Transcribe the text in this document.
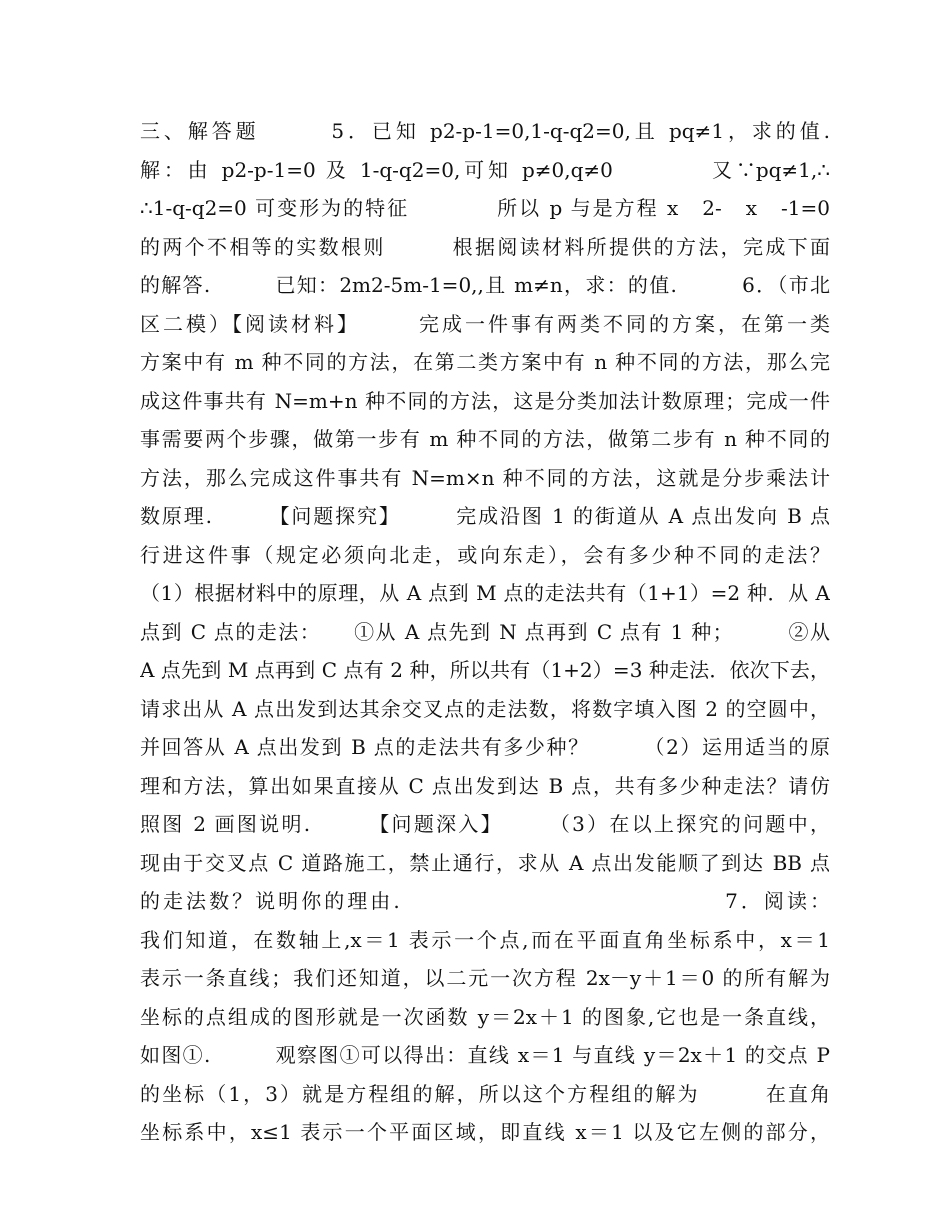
三、解答题　　　5．已知 p2-p-1=0,1-q-q2=0,且 pq≠1，求的值.
解：由 p2-p-1=0 及 1-q-q2=0,可知 p≠0,q≠0　　　　又∵pq≠1,∴
∴1-q-q2=0 可变形为的特征　　　　所以 p 与是方程 x　2-　x　-1=0
的两个不相等的实数根则　　　根据阅读材料所提供的方法，完成下面
的解答.　　　已知：2m2-5m-1=0,,且 m≠n，求：的值.　　　6．（市北
区二模）【阅读材料】　　　完成一件事有两类不同的方案，在第一类
方案中有 m 种不同的方法，在第二类方案中有 n 种不同的方法，那么完
成这件事共有 N=m+n 种不同的方法，这是分类加法计数原理；完成一件
事需要两个步骤，做第一步有 m 种不同的方法，做第二步有 n 种不同的
方法，那么完成这件事共有 N=m×n 种不同的方法，这就是分步乘法计
数原理.　　　【问题探究】　　　完成沿图 1 的街道从 A 点出发向 B 点
行进这件事（规定必须向北走，或向东走），会有多少种不同的走法？
（1）根据材料中的原理，从 A 点到 M 点的走法共有（1+1）=2 种．从 A
点到 C 点的走法：　　①从 A 点先到 N 点再到 C 点有 1 种；　　　②从
A 点先到 M 点再到 C 点有 2 种，所以共有（1+2）=3 种走法．依次下去，
请求出从 A 点出发到达其余交叉点的走法数，将数字填入图 2 的空圆中，
并回答从 A 点出发到 B 点的走法共有多少种？　　　（2）运用适当的原
理和方法，算出如果直接从 C 点出发到达 B 点，共有多少种走法？请仿
照图 2 画图说明.　　　【问题深入】　　　（3）在以上探究的问题中，
现由于交叉点 C 道路施工，禁止通行，求从 A 点出发能顺了到达 BB 点
的走法数？说明你的理由.　　　　　　　　　　　　　　7．阅读：
我们知道，在数轴上,x＝1 表示一个点,而在平面直角坐标系中，x＝1
表示一条直线；我们还知道，以二元一次方程 2x－y＋1＝0 的所有解为
坐标的点组成的图形就是一次函数 y＝2x＋1 的图象,它也是一条直线，
如图①.　　　观察图①可以得出：直线 x＝1 与直线 y＝2x＋1 的交点 P
的坐标（1，3）就是方程组的解，所以这个方程组的解为　　　在直角
坐标系中，x≤1 表示一个平面区域，即直线 x＝1 以及它左侧的部分，
